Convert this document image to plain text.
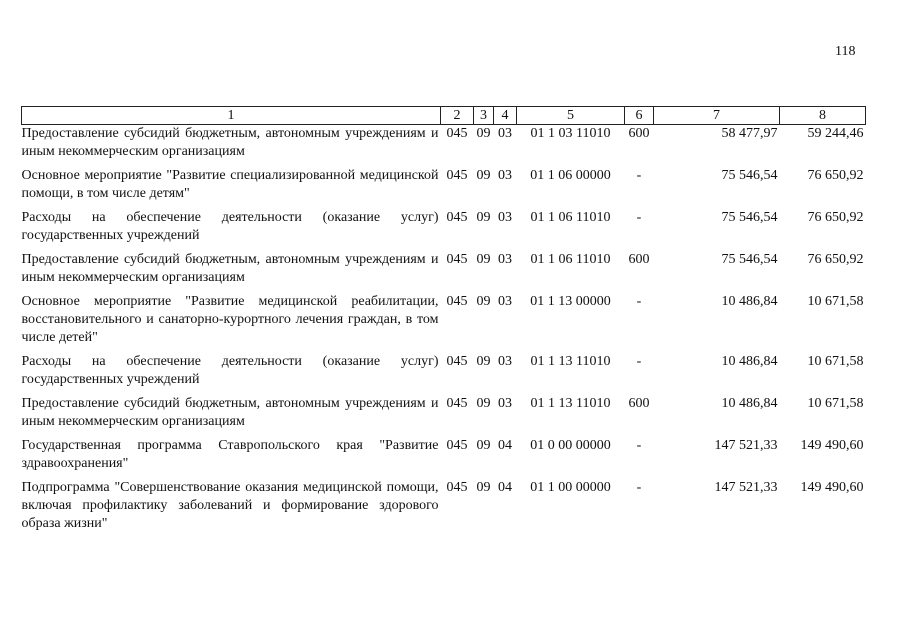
118
1	2	3	4	5	6	7	8
Предоставление субсидий бюджетным, автономным учреждениям и иным некоммерческим организациям	045	09	03	01 1 03 11010	600	58 477,97	59 244,46
Основное мероприятие "Развитие специализированной медицинской помощи, в том числе детям"	045	09	03	01 1 06 00000	-	75 546,54	76 650,92
Расходы на обеспечение деятельности (оказание услуг) государственных учреждений	045	09	03	01 1 06 11010	-	75 546,54	76 650,92
Предоставление субсидий бюджетным, автономным учреждениям и иным некоммерческим организациям	045	09	03	01 1 06 11010	600	75 546,54	76 650,92
Основное мероприятие "Развитие медицинской реабилитации, восстановительного и санаторно-курортного лечения граждан, в том числе детей"	045	09	03	01 1 13 00000	-	10 486,84	10 671,58
Расходы на обеспечение деятельности (оказание услуг) государственных учреждений	045	09	03	01 1 13 11010	-	10 486,84	10 671,58
Предоставление субсидий бюджетным, автономным учреждениям и иным некоммерческим организациям	045	09	03	01 1 13 11010	600	10 486,84	10 671,58
Государственная программа Ставропольского края "Развитие здравоохранения"	045	09	04	01 0 00 00000	-	147 521,33	149 490,60
Подпрограмма "Совершенствование оказания медицинской помощи, включая профилактику заболеваний и формирование здорового образа жизни"	045	09	04	01 1 00 00000	-	147 521,33	149 490,60
